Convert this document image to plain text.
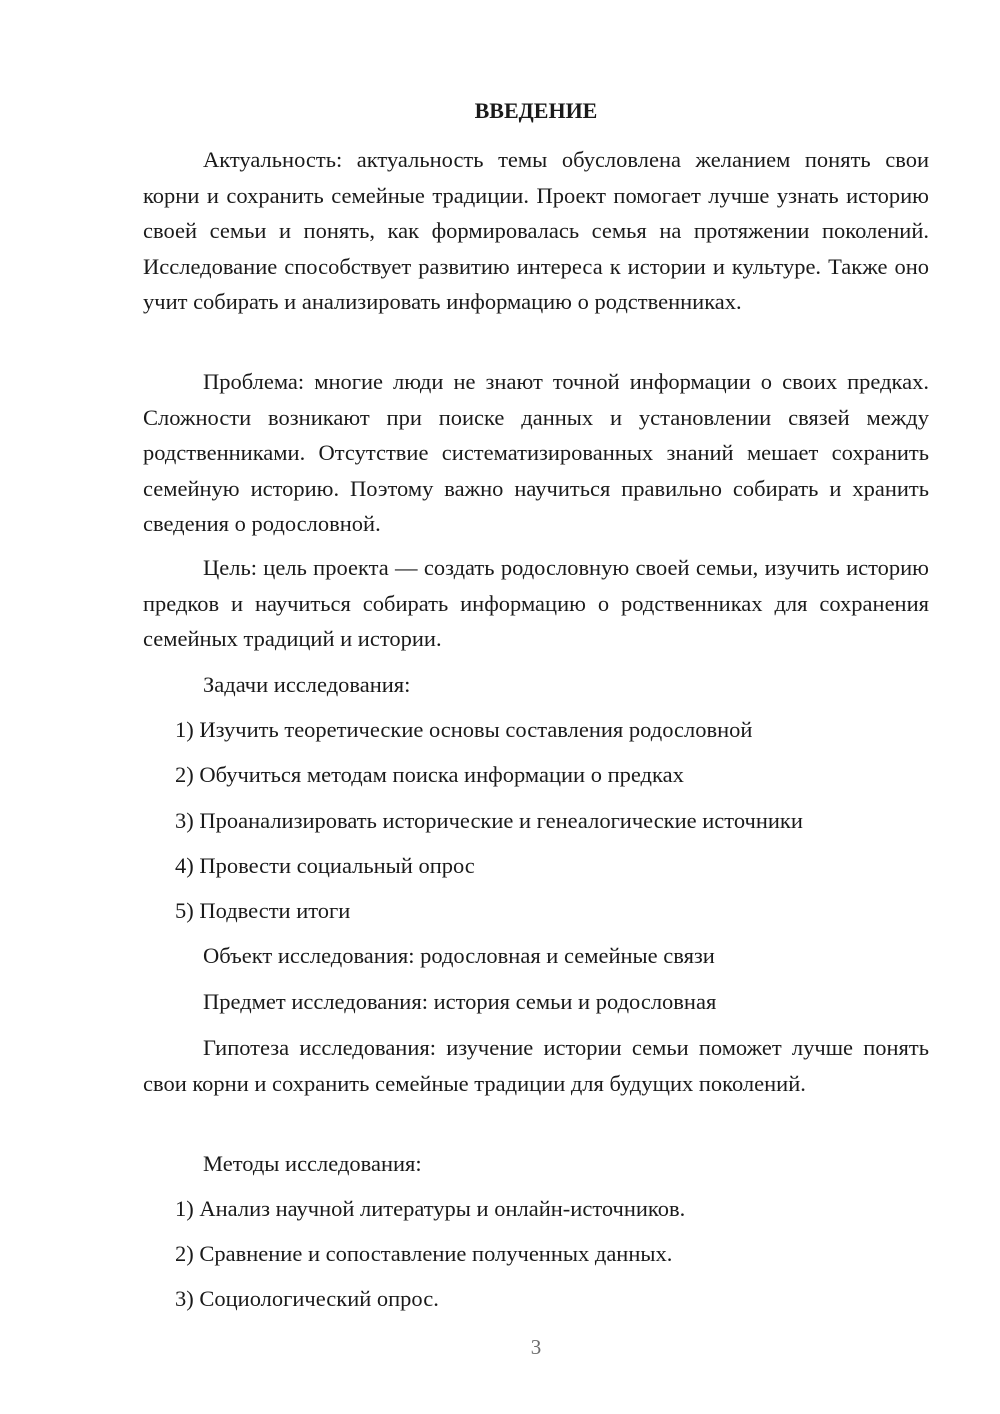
ВВЕДЕНИЕ

Актуальность: актуальность темы обусловлена желанием понять свои корни и сохранить семейные традиции. Проект помогает лучше узнать историю своей семьи и понять, как формировалась семья на протяжении поколений. Исследование способствует развитию интереса к истории и культуре. Также оно учит собирать и анализировать информацию о родственниках.

Проблема: многие люди не знают точной информации о своих предках. Сложности возникают при поиске данных и установлении связей между родственниками. Отсутствие систематизированных знаний мешает сохранить семейную историю. Поэтому важно научиться правильно собирать и хранить сведения о родословной.

Цель: цель проекта — создать родословную своей семьи, изучить историю предков и научиться собирать информацию о родственниках для сохранения семейных традиций и истории.

Задачи исследования:

1) Изучить теоретические основы составления родословной

2) Обучиться методам поиска информации о предках

3) Проанализировать исторические и генеалогические источники

4) Провести социальный опрос

5) Подвести итоги

Объект исследования: родословная и семейные связи

Предмет исследования: история семьи и родословная

Гипотеза исследования: изучение истории семьи поможет лучше понять свои корни и сохранить семейные традиции для будущих поколений.

Методы исследования:

1) Анализ научной литературы и онлайн-источников.

2) Сравнение и сопоставление полученных данных.

3) Социологический опрос.

3
